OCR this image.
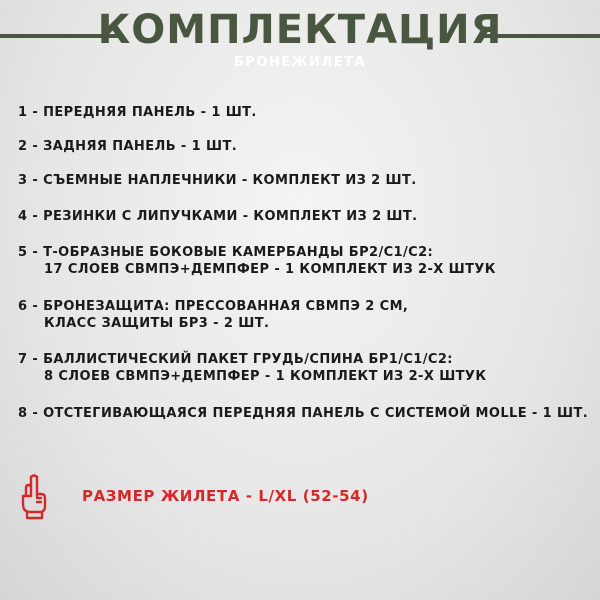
КОМПЛЕКТАЦИЯ
БРОНЕЖИЛЕТА
1 - ПЕРЕДНЯЯ ПАНЕЛЬ - 1 ШТ.
2 - ЗАДНЯЯ ПАНЕЛЬ - 1 ШТ.
3 - СЪЕМНЫЕ НАПЛЕЧНИКИ - КОМПЛЕКТ ИЗ 2 ШТ.
4 - РЕЗИНКИ С ЛИПУЧКАМИ - КОМПЛЕКТ ИЗ 2 ШТ.
5 - Т-ОБРАЗНЫЕ БОКОВЫЕ КАМЕРБАНДЫ БР2/С1/С2:
17 СЛОЕВ СВМПЭ+ДЕМПФЕР - 1 КОМПЛЕКТ ИЗ 2-Х ШТУК
6 - БРОНЕЗАЩИТА: ПРЕССОВАННАЯ СВМПЭ 2 СМ,
КЛАСС ЗАЩИТЫ БР3 - 2 ШТ.
7 - БАЛЛИСТИЧЕСКИЙ ПАКЕТ ГРУДЬ/СПИНА БР1/С1/С2:
8 СЛОЕВ СВМПЭ+ДЕМПФЕР - 1 КОМПЛЕКТ ИЗ 2-Х ШТУК
8 - ОТСТЕГИВАЮЩАЯСЯ ПЕРЕДНЯЯ ПАНЕЛЬ С СИСТЕМОЙ MOLLE - 1 ШТ.
РАЗМЕР ЖИЛЕТА - L/XL (52-54)
